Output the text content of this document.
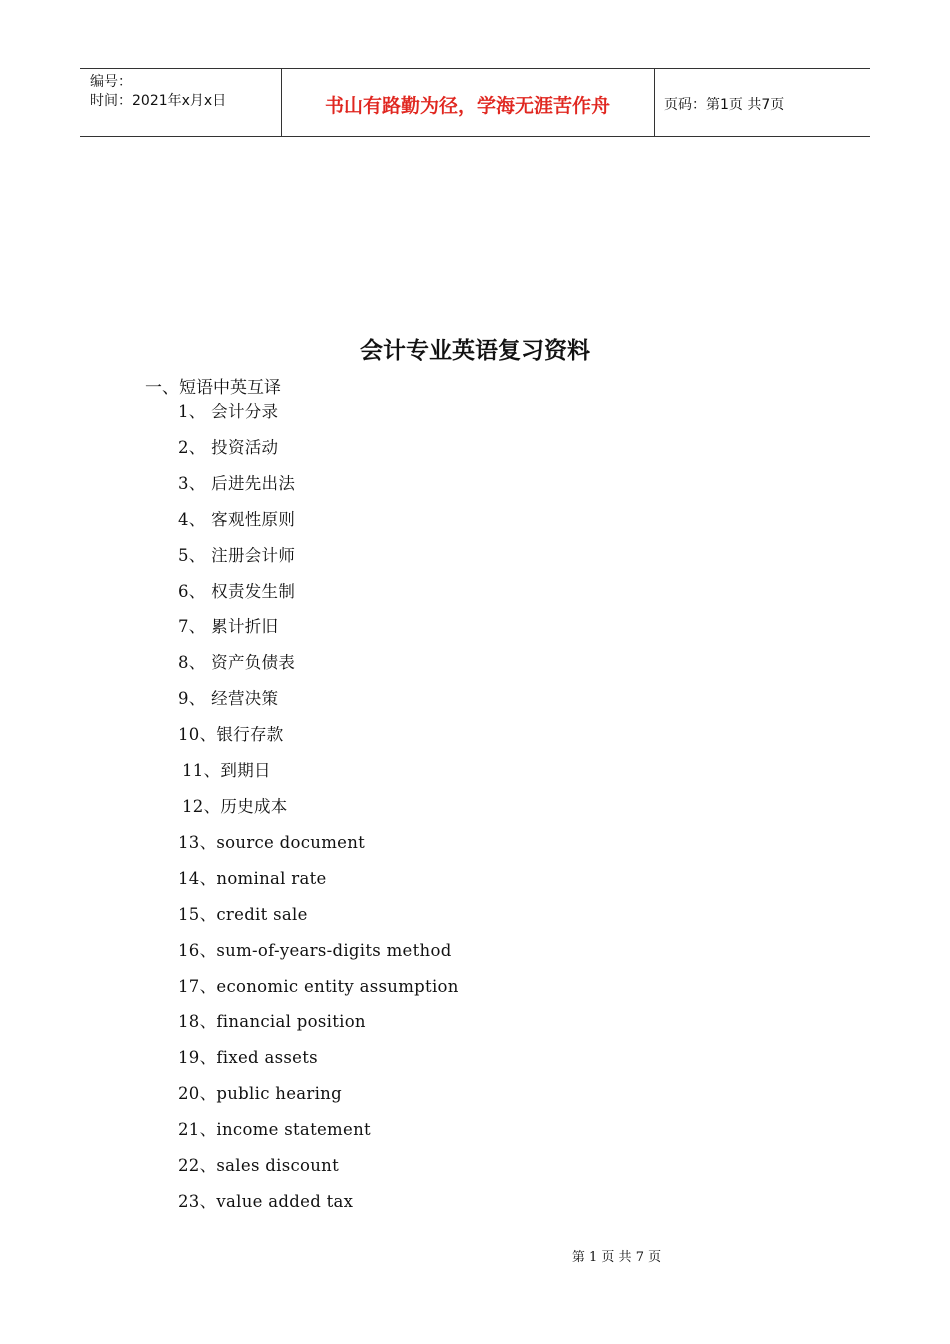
编号：
时间：2021年x月x日	书山有路勤为径，学海无涯苦作舟	页码：第1页 共7页
会计专业英语复习资料
一、短语中英互译
1、 会计分录
2、 投资活动
3、 后进先出法
4、 客观性原则
5、 注册会计师
6、 权责发生制
7、 累计折旧
8、 资产负债表
9、 经营决策
10、银行存款
11、到期日
12、历史成本
13、source document
14、nominal rate
15、credit sale
16、sum-of-years-digits method
17、economic entity assumption
18、financial position
19、fixed assets
20、public hearing
21、income statement
22、sales discount
23、value added tax
第 1 页 共 7 页
